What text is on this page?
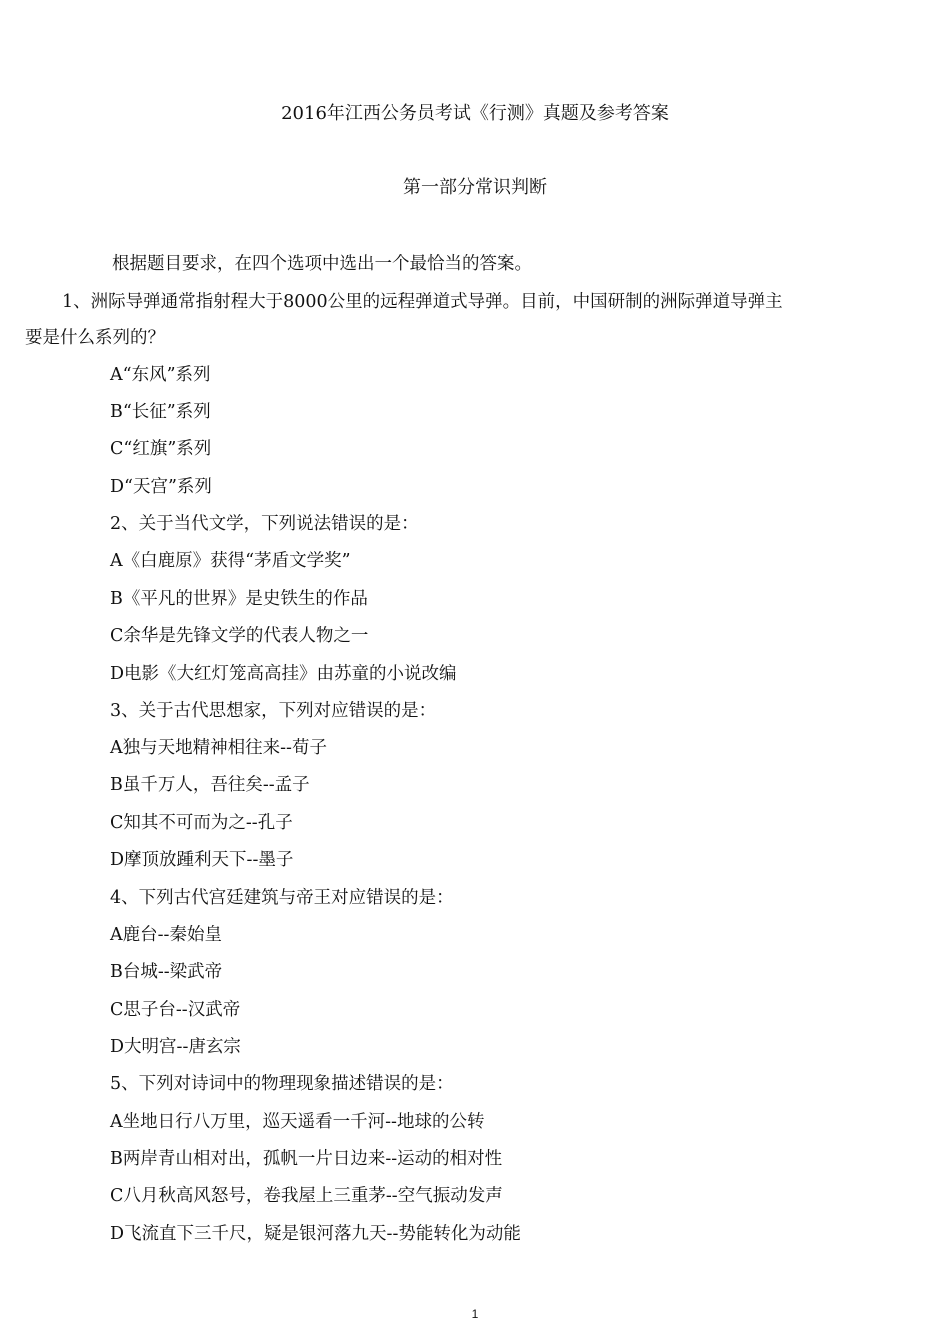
2016年江西公务员考试《行测》真题及参考答案
第一部分常识判断
根据题目要求，在四个选项中选出一个最恰当的答案。
1、洲际导弹通常指射程大于8000公里的远程弹道式导弹。目前，中国研制的洲际弹道导弹主
要是什么系列的？
A“东风”系列
B“长征”系列
C“红旗”系列
D“天宫”系列
2、关于当代文学，下列说法错误的是：
A《白鹿原》获得“茅盾文学奖”
B《平凡的世界》是史铁生的作品
C余华是先锋文学的代表人物之一
D电影《大红灯笼高高挂》由苏童的小说改编
3、关于古代思想家，下列对应错误的是：
A独与天地精神相往来--荀子
B虽千万人，吾往矣--孟子
C知其不可而为之--孔子
D摩顶放踵利天下--墨子
4、下列古代宫廷建筑与帝王对应错误的是：
A鹿台--秦始皇
B台城--梁武帝
C思子台--汉武帝
D大明宫--唐玄宗
5、下列对诗词中的物理现象描述错误的是：
A坐地日行八万里，巡天遥看一千河--地球的公转
B两岸青山相对出，孤帆一片日边来--运动的相对性
C八月秋高风怒号，卷我屋上三重茅--空气振动发声
D飞流直下三千尺，疑是银河落九天--势能转化为动能
1
